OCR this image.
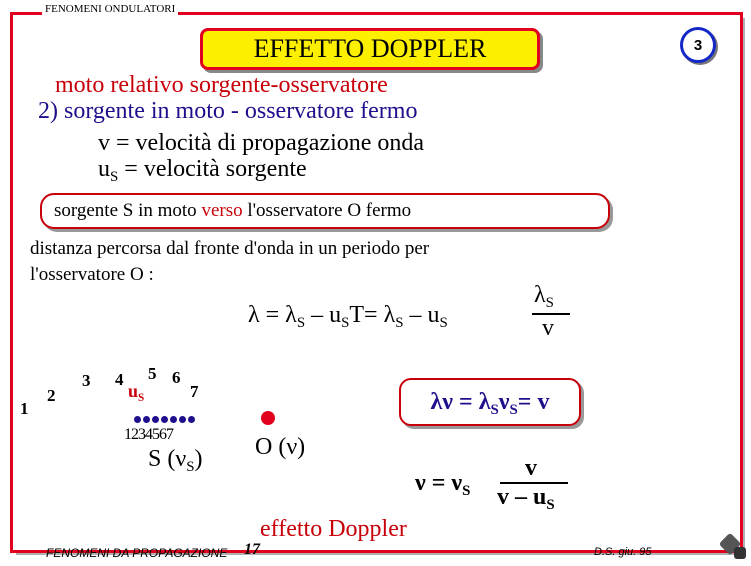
FENOMENI ONDULATORI
3
EFFETTO DOPPLER
moto relativo sorgente-osservatore
2) sorgente in moto - osservatore fermo
v = velocità di propagazione onda
$u_S$ = velocità sorgente
sorgente S in moto verso l'osservatore O fermo
distanza percorsa dal fronte d'onda in un periodo per
l'osservatore O :
$\lambda = \lambda_S - u_ST= \lambda_S - u_S$
$\lambda_S$
v
1
2
3 4 5 6
7
$u_S$
1234567
S $(\nu_S)$ O (ν)
$\lambda\nu = \lambda_S\nu_S= v$
$\nu = \nu_S$
v
v – $u_S$
effetto Doppler
FENOMENI DA PROPAGAZIONE 17	D.S. giu. 95
